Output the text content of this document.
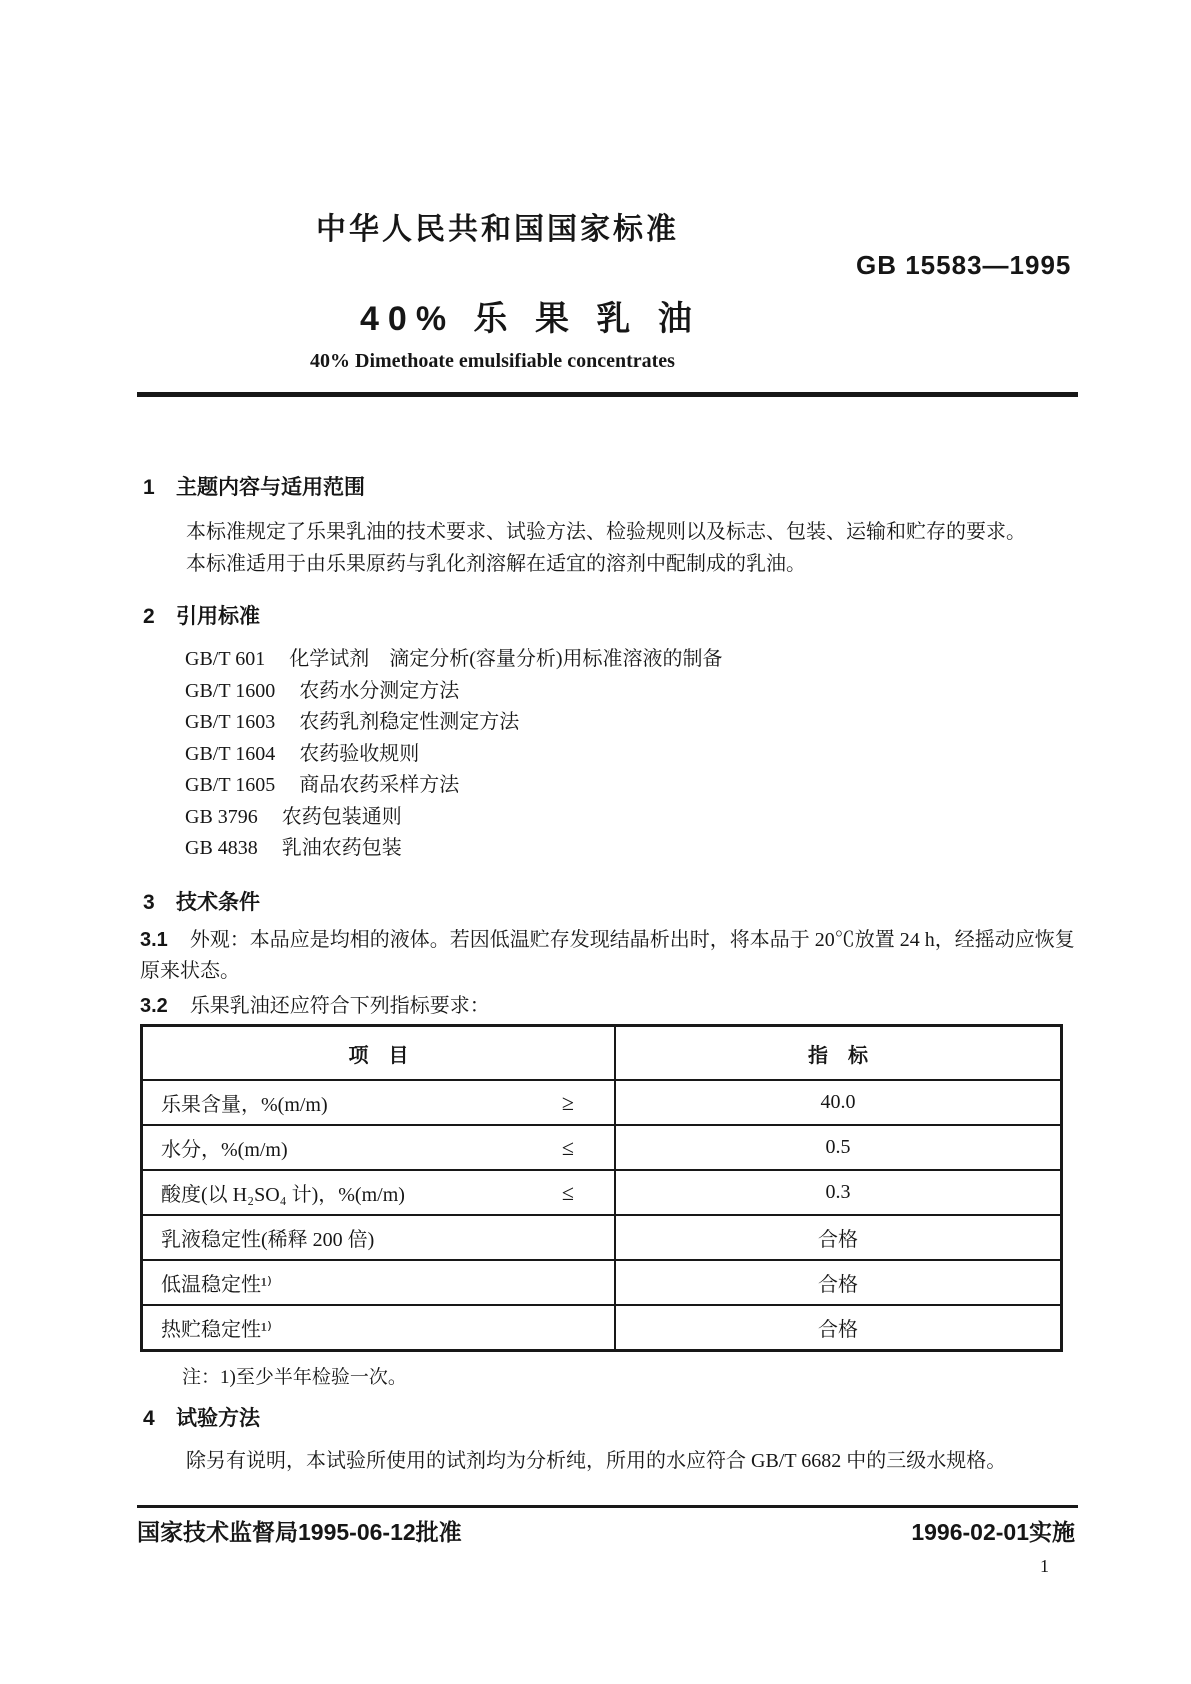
中华人民共和国国家标准
GB 15583—1995
40% 乐 果 乳 油
40% Dimethoate emulsifiable concentrates
1 主题内容与适用范围
本标准规定了乐果乳油的技术要求、试验方法、检验规则以及标志、包装、运输和贮存的要求。
本标准适用于由乐果原药与乳化剂溶解在适宜的溶剂中配制成的乳油。
2 引用标准
GB/T 601 化学试剂　滴定分析(容量分析)用标准溶液的制备
GB/T 1600 农药水分测定方法
GB/T 1603 农药乳剂稳定性测定方法
GB/T 1604 农药验收规则
GB/T 1605 商品农药采样方法
GB 3796 农药包装通则
GB 4838 乳油农药包装
3 技术条件
3.1 外观：本品应是均相的液体。若因低温贮存发现结晶析出时，将本品于 20℃放置 24 h，经摇动应恢复原来状态。
3.2 乐果乳油还应符合下列指标要求：
项　目	指　标
乐果含量，%(m/m)	≥	40.0
水分，%(m/m)	≤	0.5
酸度(以 H₂SO₄ 计)，%(m/m)	≤	0.3
乳液稳定性(稀释 200 倍)	合格
低温稳定性¹⁾	合格
热贮稳定性¹⁾	合格
注：1)至少半年检验一次。
4 试验方法
除另有说明，本试验所使用的试剂均为分析纯，所用的水应符合 GB/T 6682 中的三级水规格。
国家技术监督局1995-06-12批准	1996-02-01实施
1
